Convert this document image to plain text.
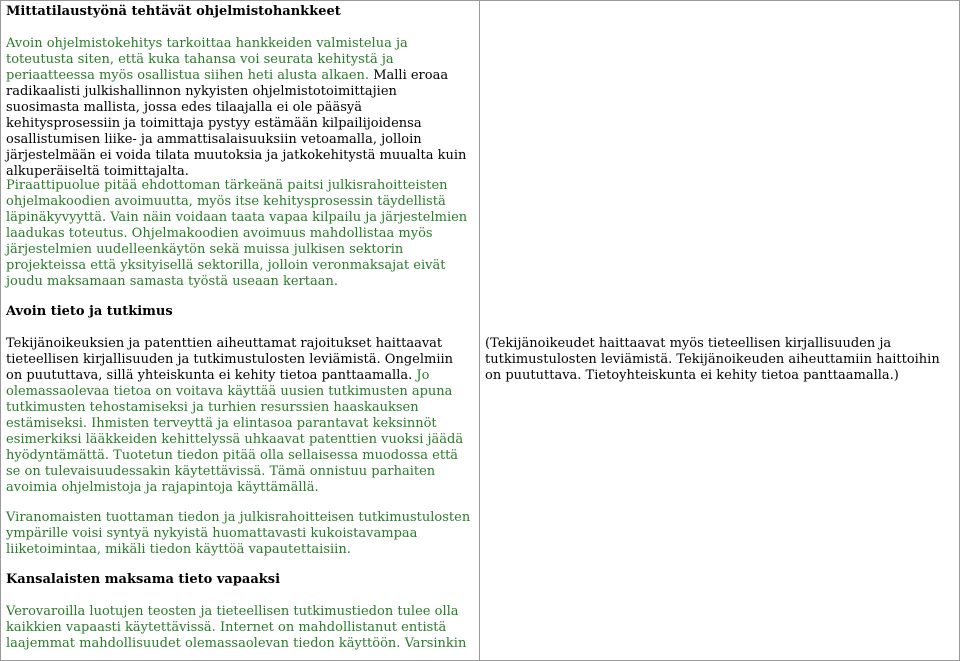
Mittatilaustyönä tehtävät ohjelmistohankkeet

Avoin ohjelmistokehitys tarkoittaa hankkeiden valmistelua ja toteutusta siten, että kuka tahansa voi seurata kehitystä ja periaatteessa myös osallistua siihen heti alusta alkaen. Malli eroaa radikaalisti julkishallinnon nykyisten ohjelmistotoimittajien suosimasta mallista, jossa edes tilaajalla ei ole pääsyä kehitysprosessiin ja toimittaja pystyy estämään kilpailijoidensa osallistumisen liike- ja ammattisalaisuuksiin vetoamalla, jolloin järjestelmään ei voida tilata muutoksia ja jatkokehitystä muualta kuin alkuperäiseltä toimittajalta.

Piraattipuolue pitää ehdottoman tärkeänä paitsi julkisrahoitteisten ohjelmakoodien avoimuutta, myös itse kehitysprosessin täydellistä läpinäkyvyyttä. Vain näin voidaan taata vapaa kilpailu ja järjestelmien laadukas toteutus. Ohjelmakoodien avoimuus mahdollistaa myös järjestelmien uudelleenkäytön sekä muissa julkisen sektorin projekteissa että yksityisellä sektorilla, jolloin veronmaksajat eivät joudu maksamaan samasta työstä useaan kertaan.

Avoin tieto ja tutkimus

Tekijänoikeuksien ja patenttien aiheuttamat rajoitukset haittaavat tieteellisen kirjallisuuden ja tutkimustulosten leviämistä. Ongelmiin on puututtava, sillä yhteiskunta ei kehity tietoa panttaamalla. Jo olemassaolevaa tietoa on voitava käyttää uusien tutkimusten apuna tutkimusten tehostamiseksi ja turhien resurssien haaskauksen estämiseksi. Ihmisten terveyttä ja elintasoa parantavat keksinnöt esimerkiksi lääkkeiden kehittelyssä uhkaavat patenttien vuoksi jäädä hyödyntämättä. Tuotetun tiedon pitää olla sellaisessa muodossa että se on tulevaisuudessakin käytettävissä. Tämä onnistuu parhaiten avoimia ohjelmistoja ja rajapintoja käyttämällä.

Viranomaisten tuottaman tiedon ja julkisrahoitteisen tutkimustulosten ympärille voisi syntyä nykyistä huomattavasti kukoistavampaa liiketoimintaa, mikäli tiedon käyttöä vapautettaisiin.

Kansalaisten maksama tieto vapaaksi

Verovaroilla luotujen teosten ja tieteellisen tutkimustiedon tulee olla kaikkien vapaasti käytettävissä. Internet on mahdollistanut entistä laajemmat mahdollisuudet olemassaolevan tiedon käyttöön. Varsinkin

(Tekijänoikeudet haittaavat myös tieteellisen kirjallisuuden ja tutkimustulosten leviämistä. Tekijänoikeuden aiheuttamiin haittoihin on puututtava. Tietoyhteiskunta ei kehity tietoa panttaamalla.)
